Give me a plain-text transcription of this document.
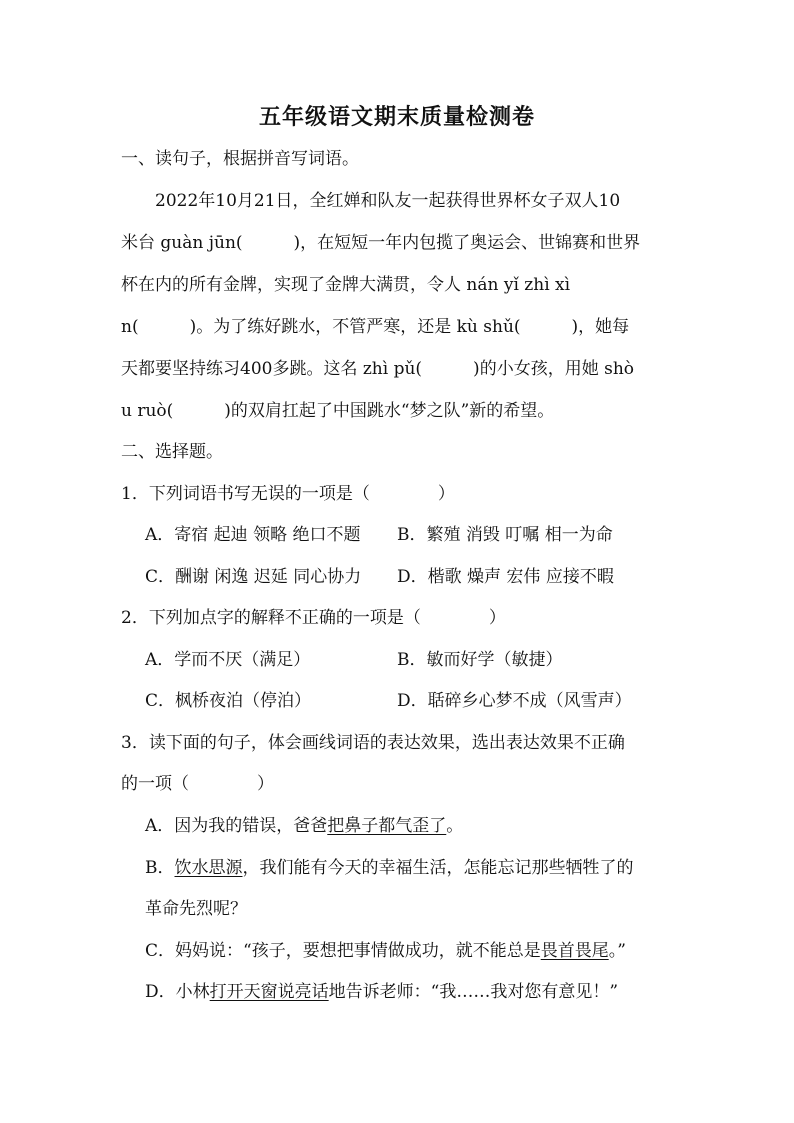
五年级语文期末质量检测卷
一、读句子，根据拼音写词语。
2022年10月21日，全红婵和队友一起获得世界杯女子双人10
米台 guàn jūn(　　　)，在短短一年内包揽了奥运会、世锦赛和世界
杯在内的所有金牌，实现了金牌大满贯，令人 nán yǐ zhì xì
n(　　　)。为了练好跳水，不管严寒，还是 kù shǔ(　　　)，她每
天都要坚持练习400多跳。这名 zhì pǔ(　　　)的小女孩，用她 shò
u ruò(　　　)的双肩扛起了中国跳水“梦之队”新的希望。
二、选择题。
1．下列词语书写无误的一项是（　　　　）
A．寄宿 起迪 领略 绝口不题 B．繁殖 消毁 叮嘱 相一为命
C．酬谢 闲逸 迟延 同心协力 D．楷歌 燥声 宏伟 应接不暇
2．下列加点字的解释不正确的一项是（　　　　）
A．学而不厌（满足）	B．敏而好学（敏捷）
C．枫桥夜泊（停泊）	D．聒碎乡心梦不成（风雪声）
3．读下面的句子，体会画线词语的表达效果，选出表达效果不正确
的一项（　　　　）
A．因为我的错误，爸爸把鼻子都气歪了。
B．饮水思源，我们能有今天的幸福生活，怎能忘记那些牺牲了的
革命先烈呢？
C．妈妈说：“孩子，要想把事情做成功，就不能总是畏首畏尾。”
D．小林打开天窗说亮话地告诉老师：“我……我对您有意见！”
